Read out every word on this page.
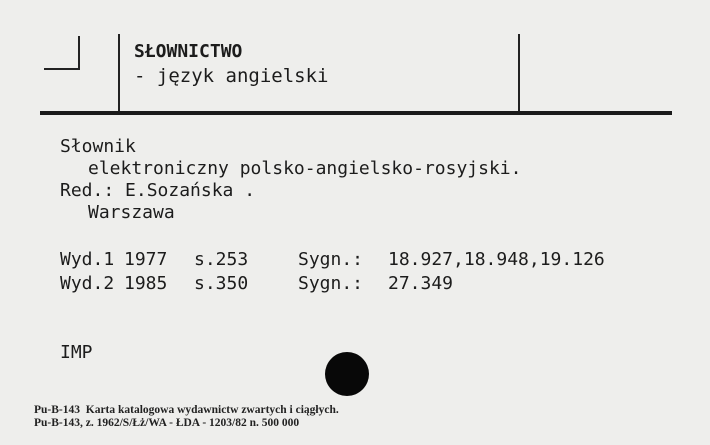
SŁOWNICTWO
- język angielski
Słownik
elektroniczny polsko-angielsko-rosyjski.
Red.: E.Sozańska .
Warszawa
Wyd.1 1977	s.253	Sygn.:	18.927,18.948,19.126
Wyd.2 1985	s.350	Sygn.:	27.349
IMP
Pu-B-143  Karta katalogowa wydawnictw zwartych i ciągłych.
Pu-B-143, z. 1962/S/Łż/WA - ŁDA - 1203/82 n. 500 000
